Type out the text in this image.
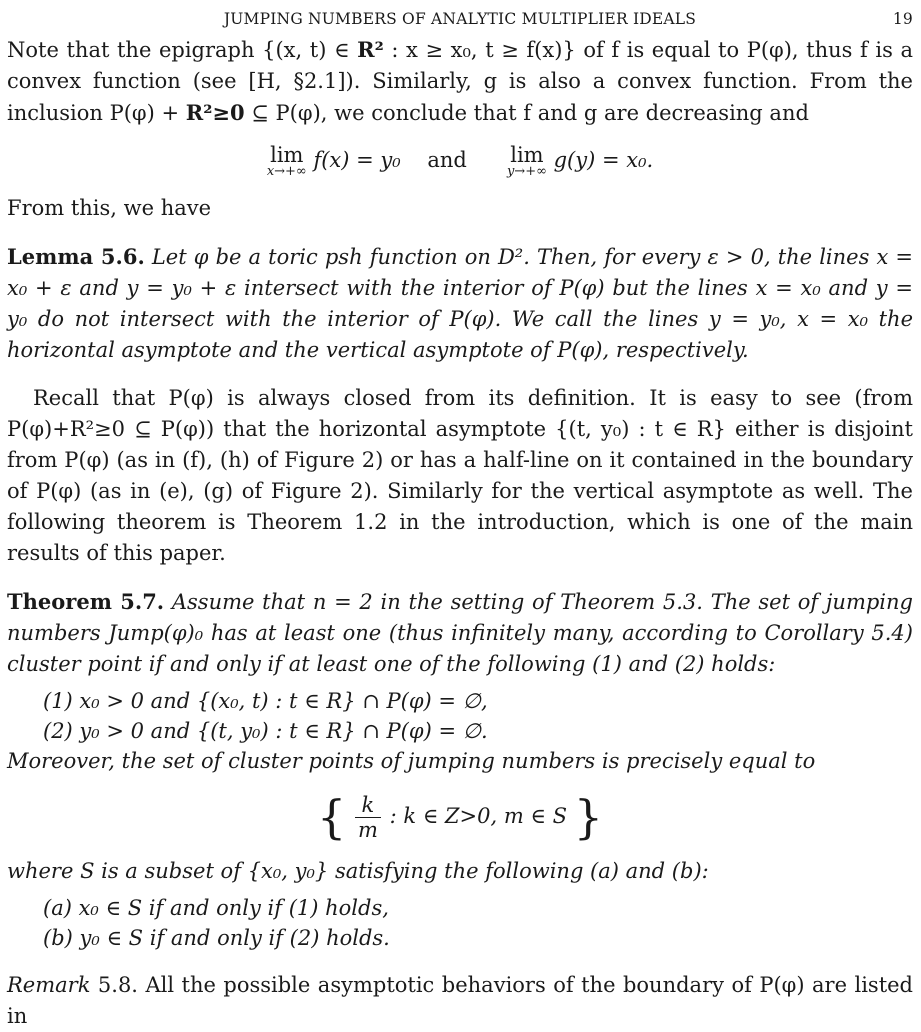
JUMPING NUMBERS OF ANALYTIC MULTIPLIER IDEALS	19

Note that the epigraph {(x, t) ∈ R² : x ≥ x₀, t ≥ f(x)} of f is equal to P(φ), thus f is a convex function (see [H, §2.1]). Similarly, g is also a convex function. From the inclusion P(φ) + R²≥0 ⊆ P(φ), we conclude that f and g are decreasing and

lim
x→+∞ f(x) = y₀ and lim
y→+∞ g(y) = x₀.

From this, we have

Lemma 5.6. Let φ be a toric psh function on D². Then, for every ε > 0, the lines x = x₀ + ε and y = y₀ + ε intersect with the interior of P(φ) but the lines x = x₀ and y = y₀ do not intersect with the interior of P(φ). We call the lines y = y₀, x = x₀ the horizontal asymptote and the vertical asymptote of P(φ), respectively.

Recall that P(φ) is always closed from its definition. It is easy to see (from P(φ)+R²≥0 ⊆ P(φ)) that the horizontal asymptote {(t, y₀) : t ∈ R} either is disjoint from P(φ) (as in (f), (h) of Figure 2) or has a half-line on it contained in the boundary of P(φ) (as in (e), (g) of Figure 2). Similarly for the vertical asymptote as well. The following theorem is Theorem 1.2 in the introduction, which is one of the main results of this paper.

Theorem 5.7. Assume that n = 2 in the setting of Theorem 5.3. The set of jumping numbers Jump(φ)₀ has at least one (thus infinitely many, according to Corollary 5.4) cluster point if and only if at least one of the following (1) and (2) holds:

(1) x₀ > 0 and {(x₀, t) : t ∈ R} ∩ P(φ) = ∅,
(2) y₀ > 0 and {(t, y₀) : t ∈ R} ∩ P(φ) = ∅.

Moreover, the set of cluster points of jumping numbers is precisely equal to

{ $\frac{k}{m}$ : k ∈ Z>0, m ∈ S }

where S is a subset of {x₀, y₀} satisfying the following (a) and (b):

(a) x₀ ∈ S if and only if (1) holds,
(b) y₀ ∈ S if and only if (2) holds.

Remark 5.8. All the possible asymptotic behaviors of the boundary of P(φ) are listed in
